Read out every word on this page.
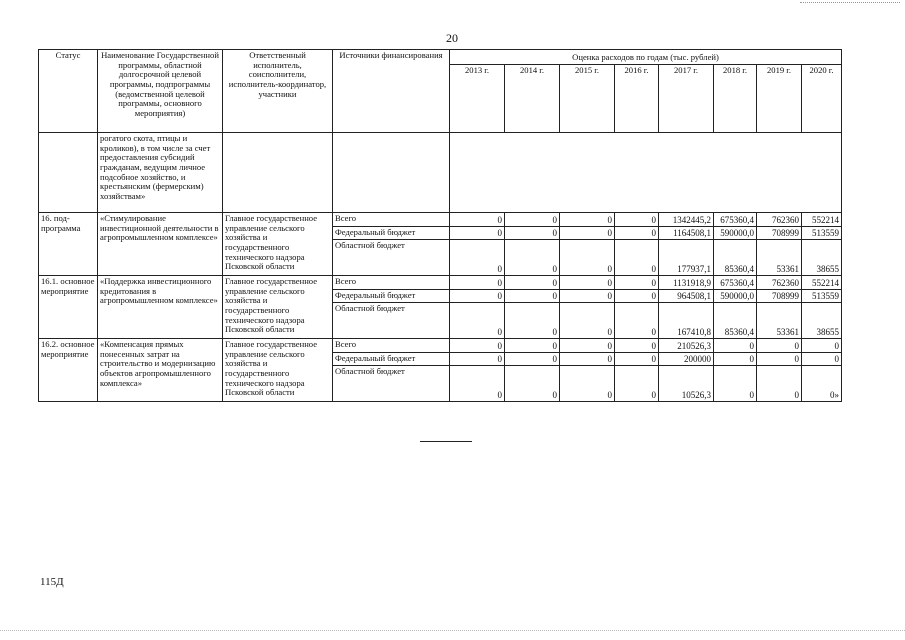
20
Статус	Наименование Государственной программы, областной долгосрочной целевой программы, подпрограммы (ведомственной целевой программы, основного мероприятия)	Ответственный исполнитель, соисполнители, исполнитель-координатор, участники	Источники финансирования	Оценка расходов по годам (тыс. рублей)							
				2013 г.	2014 г.	2015 г.	2016 г.	2017 г.	2018 г.	2019 г.	2020 г.
	рогатого скота, птицы и кроликов), в том числе за счет предоставления субсидий гражданам, ведущим личное подсобное хозяйство, и крестьянским (фермерским) хозяйствам»										
16. под-программа	«Стимулирование инвестиционной деятельности в агропромышленном комплексе»	Главное государственное управление сельского хозяйства и государственного технического надзора Псковской области	Всего	0	0	0	0	1342445,2	675360,4	762360	552214
			Федеральный бюджет	0	0	0	0	1164508,1	590000,0	708999	513559
			Областной бюджет	0	0	0	0	177937,1	85360,4	53361	38655
16.1. основное мероприятие	«Поддержка инвестиционного кредитования в агропромышленном комплексе»	Главное государственное управление сельского хозяйства и государственного технического надзора Псковской области	Всего	0	0	0	0	1131918,9	675360,4	762360	552214
			Федеральный бюджет	0	0	0	0	964508,1	590000,0	708999	513559
			Областной бюджет	0	0	0	0	167410,8	85360,4	53361	38655
16.2. основное мероприятие	«Компенсация прямых понесенных затрат на строительство и модернизацию объектов агропромышленного комплекса»	Главное государственное управление сельского хозяйства и государственного технического надзора Псковской области	Всего	0	0	0	0	210526,3	0	0	0
			Федеральный бюджет	0	0	0	0	200000	0	0	0
			Областной бюджет	0	0	0	0	10526,3	0	0	0»
115Д
